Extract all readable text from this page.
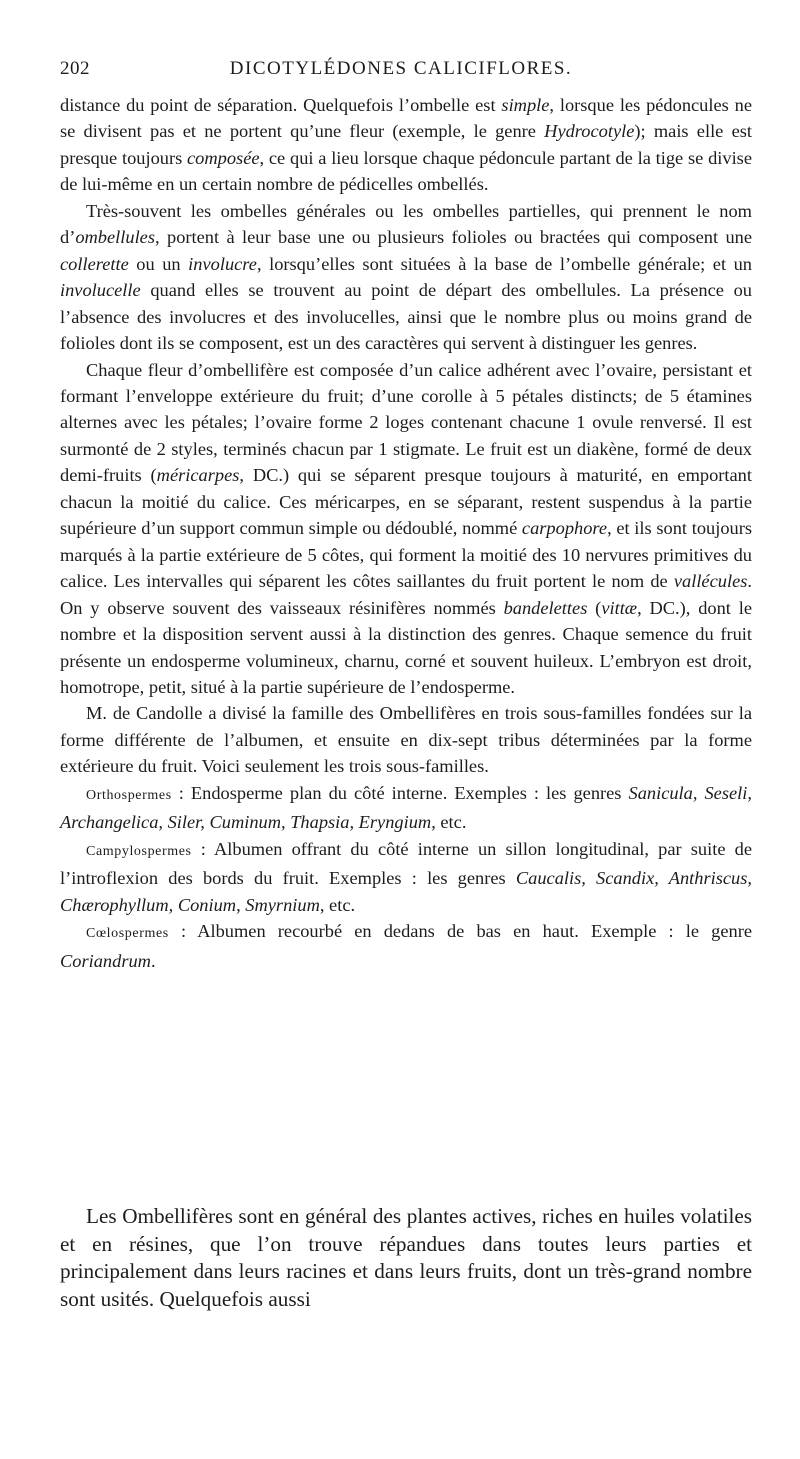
202	DICOTYLÉDONES CALICIFLORES.

distance du point de séparation. Quelquefois l’ombelle est simple, lorsque les pédoncules ne se divisent pas et ne portent qu’une fleur (exemple, le genre Hydrocotyle); mais elle est presque toujours composée, ce qui a lieu lorsque chaque pédoncule partant de la tige se divise de lui-même en un certain nombre de pédicelles ombellés.

Très-souvent les ombelles générales ou les ombelles partielles, qui prennent le nom d’ombellules, portent à leur base une ou plusieurs folioles ou bractées qui composent une collerette ou un involucre, lorsqu’elles sont situées à la base de l’ombelle générale; et un involucelle quand elles se trouvent au point de départ des ombellules. La présence ou l’absence des involucres et des involucelles, ainsi que le nombre plus ou moins grand de folioles dont ils se composent, est un des caractères qui servent à distinguer les genres.

Chaque fleur d’ombellifère est composée d’un calice adhérent avec l’ovaire, persistant et formant l’enveloppe extérieure du fruit; d’une corolle à 5 pétales distincts; de 5 étamines alternes avec les pétales; l’ovaire forme 2 loges contenant chacune 1 ovule renversé. Il est surmonté de 2 styles, terminés chacun par 1 stigmate. Le fruit est un diakène, formé de deux demi-fruits (méricarpes, DC.) qui se séparent presque toujours à maturité, en emportant chacun la moitié du calice. Ces méricarpes, en se séparant, restent suspendus à la partie supérieure d’un support commun simple ou dédoublé, nommé carpophore, et ils sont toujours marqués à la partie extérieure de 5 côtes, qui forment la moitié des 10 nervures primitives du calice. Les intervalles qui séparent les côtes saillantes du fruit portent le nom de vallécules. On y observe souvent des vaisseaux résinifères nommés bandelettes (vittæ, DC.), dont le nombre et la disposition servent aussi à la distinction des genres. Chaque semence du fruit présente un endosperme volumineux, charnu, corné et souvent huileux. L’embryon est droit, homotrope, petit, situé à la partie supérieure de l’endosperme.

M. de Candolle a divisé la famille des Ombellifères en trois sous-familles fondées sur la forme différente de l’albumen, et ensuite en dix-sept tribus déterminées par la forme extérieure du fruit. Voici seulement les trois sous-familles.

Orthospermes : Endosperme plan du côté interne. Exemples : les genres Sanicula, Seseli, Archangelica, Siler, Cuminum, Thapsia, Eryngium, etc.

Campylospermes : Albumen offrant du côté interne un sillon longitudinal, par suite de l’introflexion des bords du fruit. Exemples : les genres Caucalis, Scandix, Anthriscus, Chærophyllum, Conium, Smyrnium, etc.

Cœlospermes : Albumen recourbé en dedans de bas en haut. Exemple : le genre Coriandrum.

Les Ombellifères sont en général des plantes actives, riches en huiles volatiles et en résines, que l’on trouve répandues dans toutes leurs parties et principalement dans leurs racines et dans leurs fruits, dont un très-grand nombre sont usités. Quelquefois aussi
